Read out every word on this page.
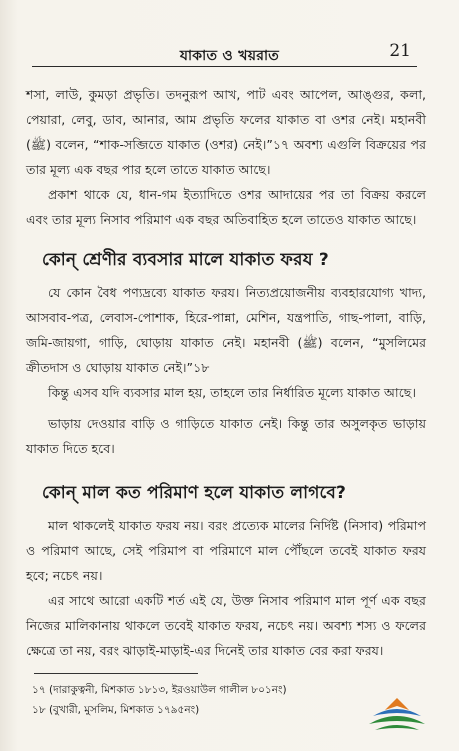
যাকাত ও খয়রাত	21

শসা, লাউ, কুমড়া প্রভৃতি। তদনুরূপ আখ, পাট এবং আপেল, আঙ্গুর, কলা, পেয়ারা, লেবু, ডাব, আনার, আম প্রভৃতি ফলের যাকাত বা ওশর নেই। মহানবী (ﷺ) বলেন, “শাক-সব্জিতে যাকাত (ওশর) নেই।”১৭ অবশ্য এগুলি বিক্রয়ের পর তার মূল্য এক বছর পার হলে তাতে যাকাত আছে।

প্রকাশ থাকে যে, ধান-গম ইত্যাদিতে ওশর আদায়ের পর তা বিক্রয় করলে এবং তার মূল্য নিসাব পরিমাণ এক বছর অতিবাহিত হলে তাতেও যাকাত আছে।

কোন্ শ্রেণীর ব্যবসার মালে যাকাত ফরয ?

যে কোন বৈধ পণ্যদ্রব্যে যাকাত ফরয। নিত্যপ্রয়োজনীয় ব্যবহারযোগ্য খাদ্য, আসবাব-পত্র, লেবাস-পোশাক, হিরে-পান্না, মেশিন, যন্ত্রপাতি, গাছ-পালা, বাড়ি, জমি-জায়গা, গাড়ি, ঘোড়ায় যাকাত নেই। মহানবী (ﷺ) বলেন, “মুসলিমের ক্রীতদাস ও ঘোড়ায় যাকাত নেই।”১৮

কিন্তু এসব যদি ব্যবসার মাল হয়, তাহলে তার নির্ধারিত মূল্যে যাকাত আছে।

ভাড়ায় দেওয়ার বাড়ি ও গাড়িতে যাকাত নেই। কিন্তু তার অসুলকৃত ভাড়ায় যাকাত দিতে হবে।

কোন্ মাল কত পরিমাণ হলে যাকাত লাগবে?

মাল থাকলেই যাকাত ফরয নয়। বরং প্রত্যেক মালের নির্দিষ্ট (নিসাব) পরিমাপ ও পরিমাণ আছে, সেই পরিমাপ বা পরিমাণে মাল পৌঁছলে তবেই যাকাত ফরয হবে; নচেৎ নয়।

এর সাথে আরো একটি শর্ত এই যে, উক্ত নিসাব পরিমাণ মাল পূর্ণ এক বছর নিজের মালিকানায় থাকলে তবেই যাকাত ফরয, নচেৎ নয়। অবশ্য শস্য ও ফলের ক্ষেত্রে তা নয়, বরং ঝাড়াই-মাড়াই-এর দিনেই তার যাকাত বের করা ফরয।

১৭ (দারাকুত্বনী, মিশকাত ১৮১৩, ইরওয়াউল গালীল ৮০১নং)
১৮ (বুখারী, মুসলিম, মিশকাত ১৭৯৫নং)
